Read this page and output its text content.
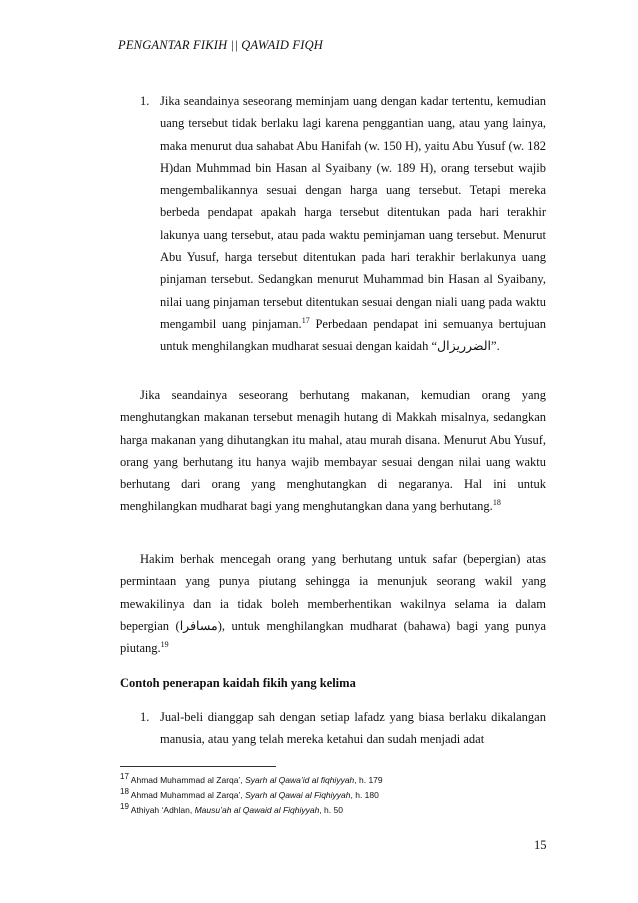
PENGANTAR FIKIH || QAWAID FIQH
1. Jika seandainya seseorang meminjam uang dengan kadar tertentu, kemudian uang tersebut tidak berlaku lagi karena penggantian uang, atau yang lainya, maka menurut dua sahabat Abu Hanifah (w. 150 H), yaitu Abu Yusuf (w. 182 H)dan Muhmmad bin Hasan al Syaibany (w. 189 H), orang tersebut wajib mengembalikannya sesuai dengan harga uang tersebut. Tetapi mereka berbeda pendapat apakah harga tersebut ditentukan pada hari terakhir lakunya uang tersebut, atau pada waktu peminjaman uang tersebut. Menurut Abu Yusuf, harga tersebut ditentukan pada hari terakhir berlakunya uang pinjaman tersebut. Sedangkan menurut Muhammad bin Hasan al Syaibany, nilai uang pinjaman tersebut ditentukan sesuai dengan niali uang pada waktu mengambil uang pinjaman.$^{17}$ Perbedaan pendapat ini semuanya bertujuan untuk menghilangkan mudharat sesuai dengan kaidah “الضرريزال”.
Jika seandainya seseorang berhutang makanan, kemudian orang yang menghutangkan makanan tersebut menagih hutang di Makkah misalnya, sedangkan harga makanan yang dihutangkan itu mahal, atau murah disana. Menurut Abu Yusuf, orang yang berhutang itu hanya wajib membayar sesuai dengan nilai uang waktu berhutang dari orang yang menghutangkan di negaranya. Hal ini untuk menghilangkan mudharat bagi yang menghutangkan dana yang berhutang.$^{18}$
Hakim berhak mencegah orang yang berhutang untuk safar (bepergian) atas permintaan yang punya piutang sehingga ia menunjuk seorang wakil yang mewakilinya dan ia tidak boleh memberhentikan wakilnya selama ia dalam bepergian (مسافرا), untuk menghilangkan mudharat (bahawa) bagi yang punya piutang.$^{19}$
Contoh penerapan kaidah fikih yang kelima
1. Jual-beli dianggap sah dengan setiap lafadz yang biasa berlaku dikalangan manusia, atau yang telah mereka ketahui dan sudah menjadi adat
$^{17}$ Ahmad Muhammad al Zarqa’, Syarh al Qawa’id al fiqhiyyah, h. 179
$^{18}$ Ahmad Muhammad al Zarqa’, Syarh al Qawai al Fiqhiyyah, h. 180
$^{19}$ Athiyah ‘Adhlan, Mausu’ah al Qawaid al Fiqhiyyah, h. 50
15
